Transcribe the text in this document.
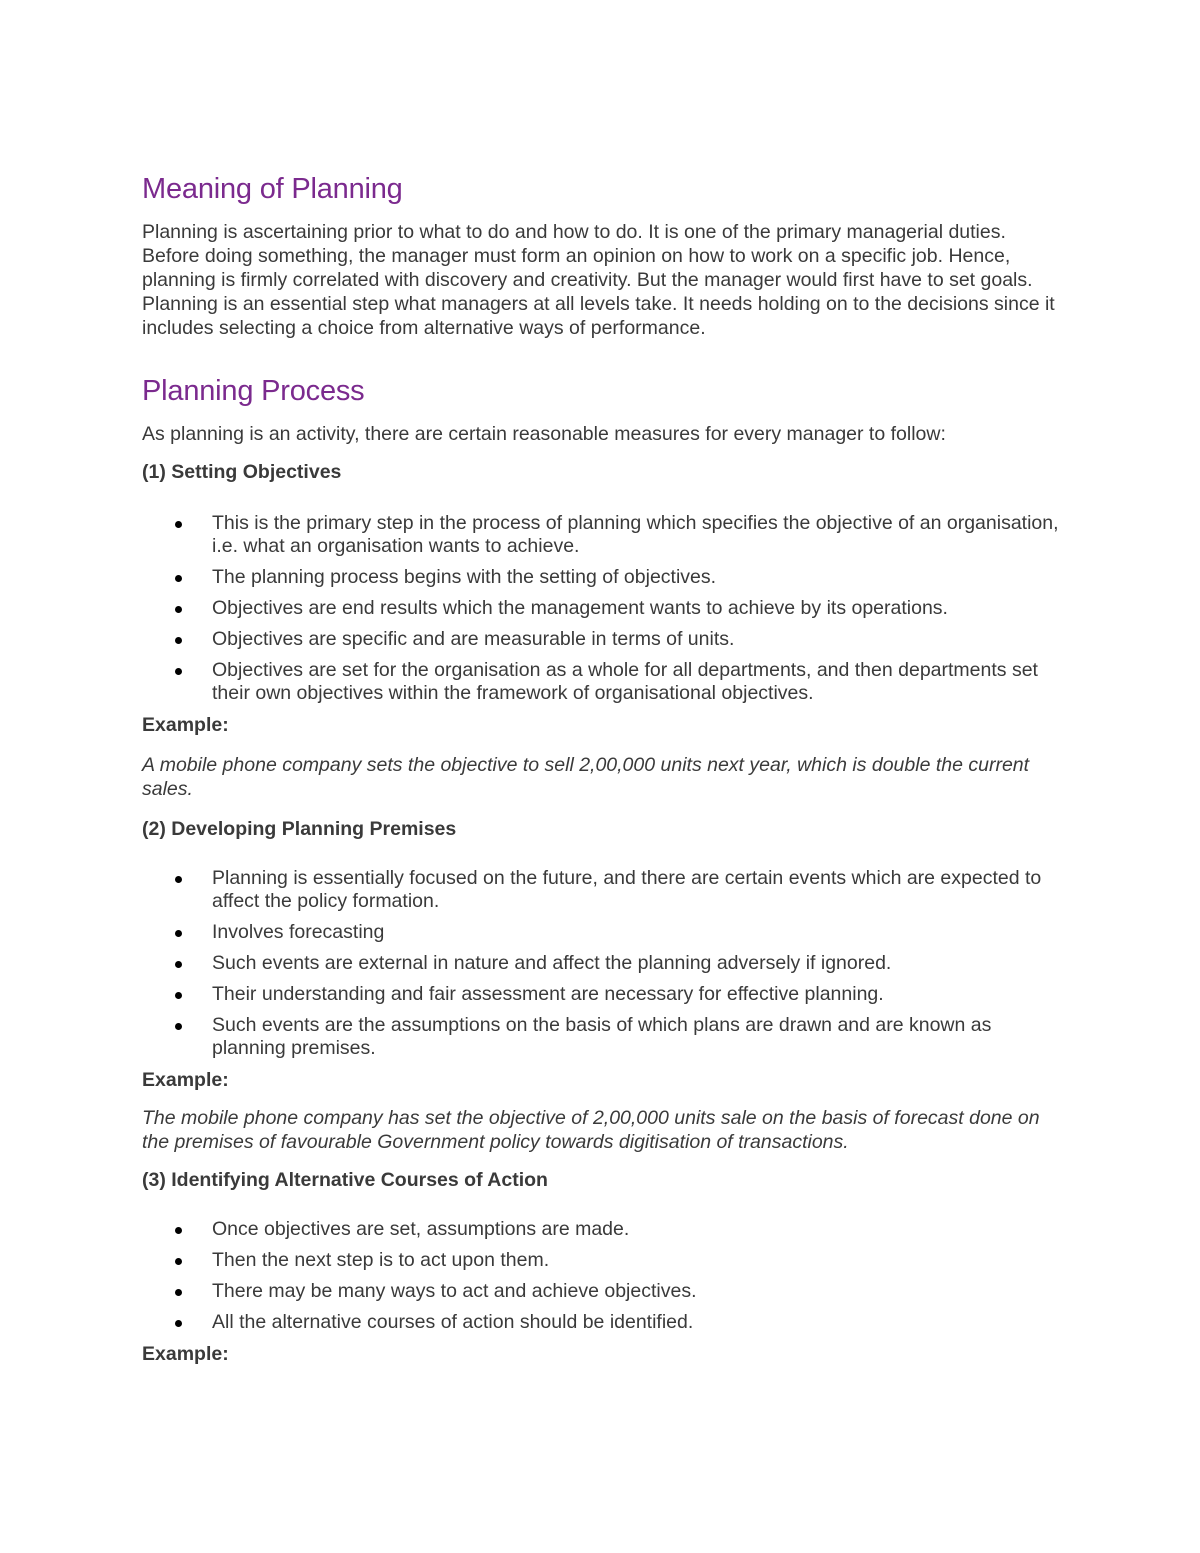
Meaning of Planning

Planning is ascertaining prior to what to do and how to do. It is one of the primary managerial duties. Before doing something, the manager must form an opinion on how to work on a specific job. Hence, planning is firmly correlated with discovery and creativity. But the manager would first have to set goals. Planning is an essential step what managers at all levels take. It needs holding on to the decisions since it includes selecting a choice from alternative ways of performance.

Planning Process

As planning is an activity, there are certain reasonable measures for every manager to follow:

(1) Setting Objectives

This is the primary step in the process of planning which specifies the objective of an organisation, i.e. what an organisation wants to achieve.
The planning process begins with the setting of objectives.
Objectives are end results which the management wants to achieve by its operations.
Objectives are specific and are measurable in terms of units.
Objectives are set for the organisation as a whole for all departments, and then departments set their own objectives within the framework of organisational objectives.

Example:

A mobile phone company sets the objective to sell 2,00,000 units next year, which is double the current sales.

(2) Developing Planning Premises

Planning is essentially focused on the future, and there are certain events which are expected to affect the policy formation.
Involves forecasting
Such events are external in nature and affect the planning adversely if ignored.
Their understanding and fair assessment are necessary for effective planning.
Such events are the assumptions on the basis of which plans are drawn and are known as planning premises.

Example:

The mobile phone company has set the objective of 2,00,000 units sale on the basis of forecast done on the premises of favourable Government policy towards digitisation of transactions.

(3) Identifying Alternative Courses of Action

Once objectives are set, assumptions are made.
Then the next step is to act upon them.
There may be many ways to act and achieve objectives.
All the alternative courses of action should be identified.

Example:
